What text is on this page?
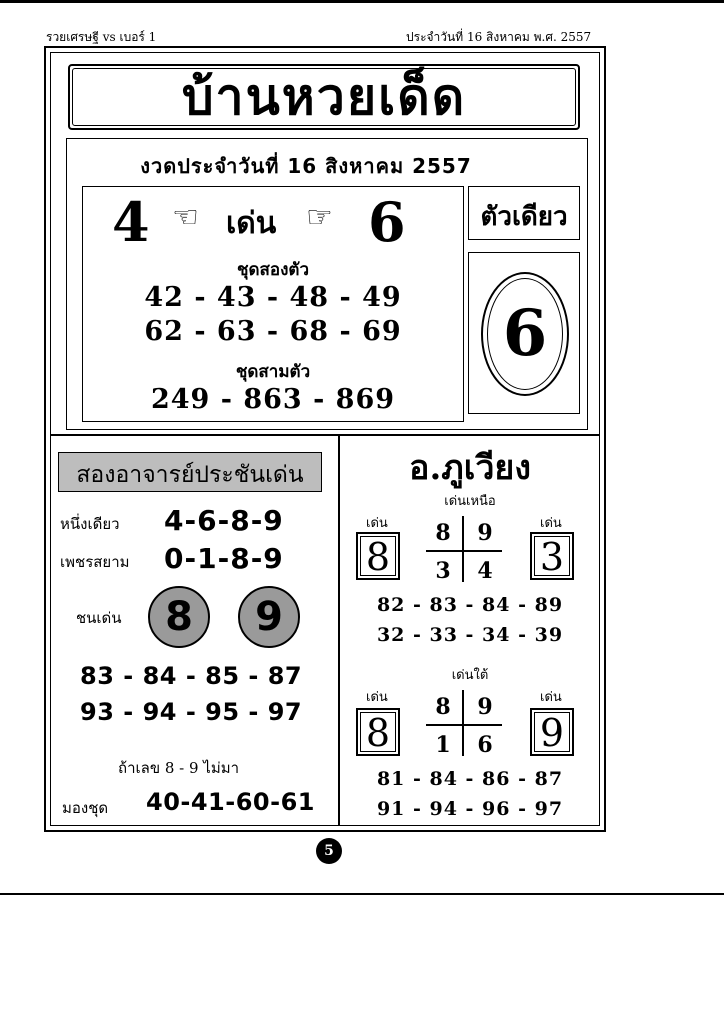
รวยเศรษฐี vs เบอร์ 1	ประจำวันที่ 16 สิงหาคม พ.ศ. 2557
บ้านหวยเด็ด
งวดประจำวันที่ 16 สิงหาคม 2557
4 ☜ เด่น ☞ 6
ชุดสองตัว
42 - 43 - 48 - 49
62 - 63 - 68 - 69
ชุดสามตัว
249 - 863 - 869
ตัวเดียว
6
สองอาจารย์ประชันเด่น
หนึ่งเดียว 4-6-8-9
เพชรสยาม 0-1-8-9
ชนเด่น	8	9
83 - 84 - 85 - 87
93 - 94 - 95 - 97
ถ้าเลข 8 - 9 ไม่มา
มองชุด 40-41-60-61
อ.ภูเวียง
เด่นเหนือ
เด่น	เด่น
8	3
8	9
3	4
82 - 83 - 84 - 89
32 - 33 - 34 - 39
เด่นใต้
เด่น	เด่น
8	9
8	9
1	6
81 - 84 - 86 - 87
91 - 94 - 96 - 97
5
